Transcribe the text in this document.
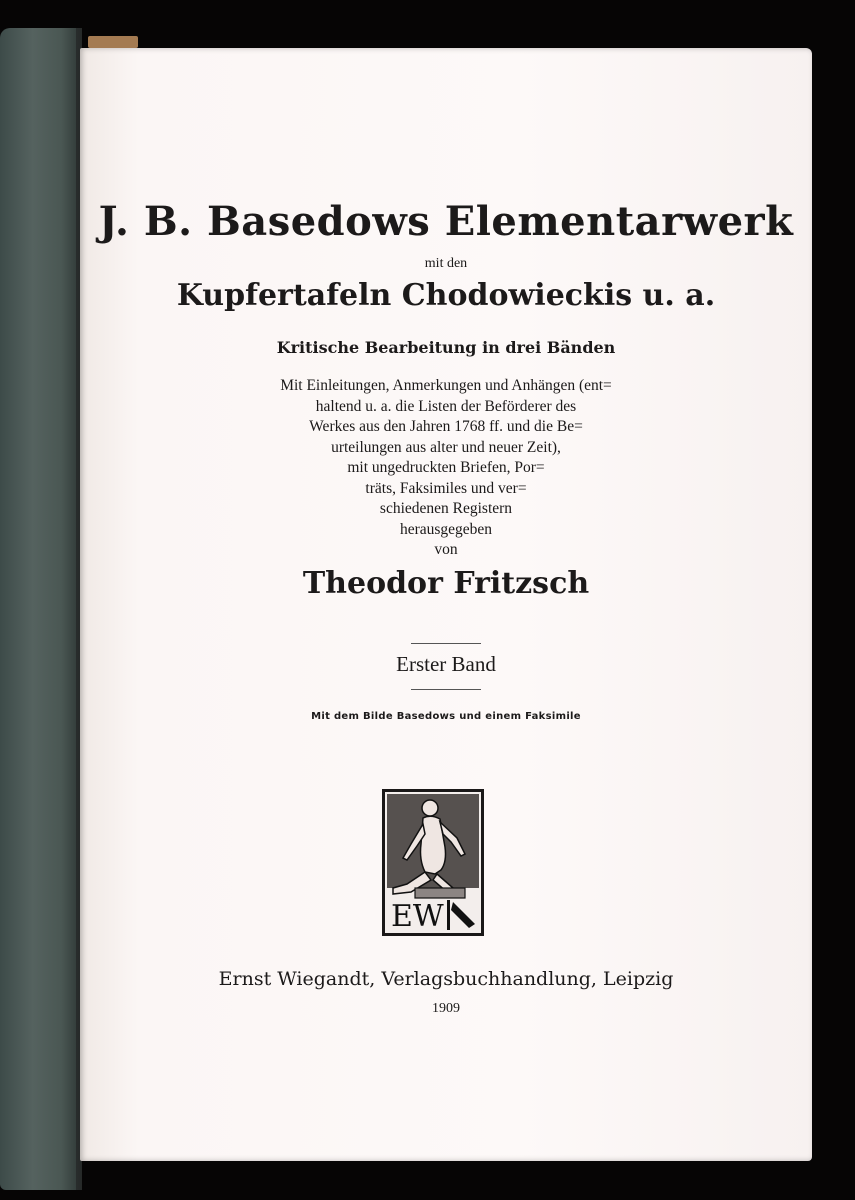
J. B. Basedows Elementarwerk
mit den
Kupfertafeln Chodowieckis u. a.
Kritische Bearbeitung in drei Bänden

Mit Einleitungen, Anmerkungen und Anhängen (ent=

haltend u. a. die Listen der Beförderer des

Werkes aus den Jahren 1768 ff. und die Be=

urteilungen aus alter und neuer Zeit),

mit ungedruckten Briefen, Por=

träts, Faksimiles und ver=

schiedenen Registern

herausgegeben

von

Theodor Fritzsch
Erster Band
Mit dem Bilde Basedows und einem Faksimile
EW
Ernst Wiegandt, Verlagsbuchhandlung, Leipzig
1909
